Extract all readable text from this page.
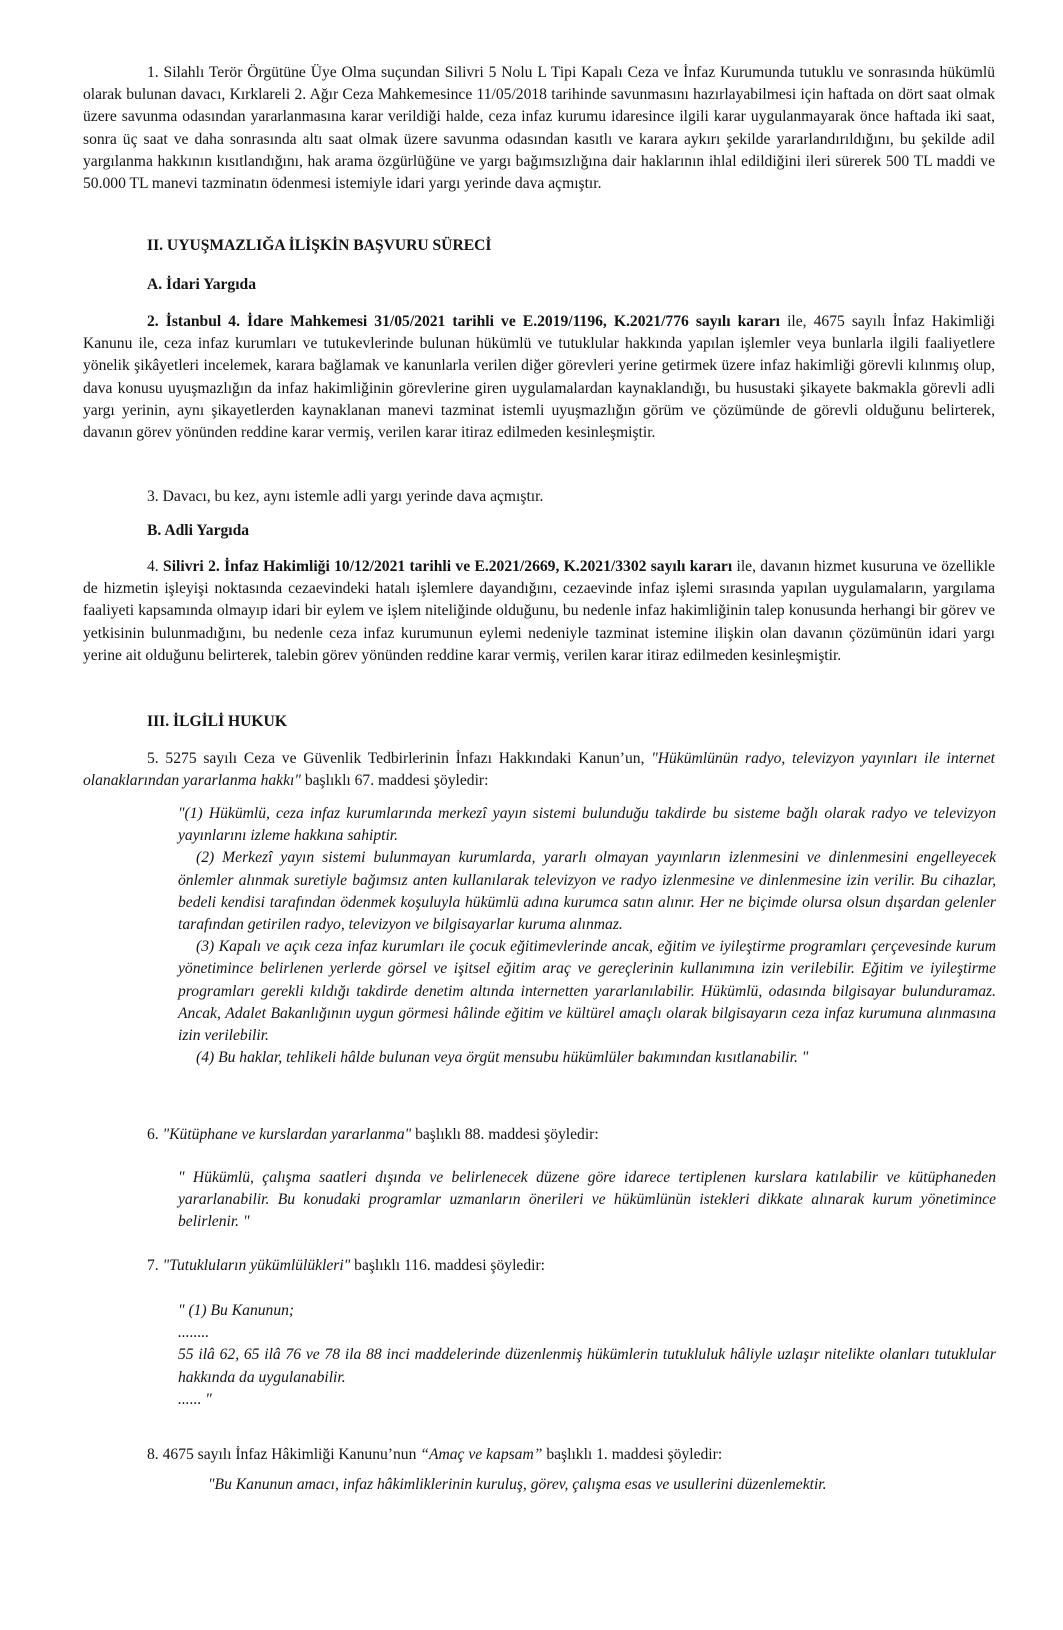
1. Silahlı Terör Örgütüne Üye Olma suçundan Silivri 5 Nolu L Tipi Kapalı Ceza ve İnfaz Kurumunda tutuklu ve sonrasında hükümlü olarak bulunan davacı, Kırklareli 2. Ağır Ceza Mahkemesince 11/05/2018 tarihinde savunmasını hazırlayabilmesi için haftada on dört saat olmak üzere savunma odasından yararlanmasına karar verildiği halde, ceza infaz kurumu idaresince ilgili karar uygulanmayarak önce haftada iki saat, sonra üç saat ve daha sonrasında altı saat olmak üzere savunma odasından kasıtlı ve karara aykırı şekilde yararlandırıldığını, bu şekilde adil yargılanma hakkının kısıtlandığını, hak arama özgürlüğüne ve yargı bağımsızlığına dair haklarının ihlal edildiğini ileri sürerek 500 TL maddi ve 50.000 TL manevi tazminatın ödenmesi istemiyle idari yargı yerinde dava açmıştır.

II. UYUŞMAZLIĞA İLİŞKİN BAŞVURU SÜRECİ
A. İdari Yargıda

2. İstanbul 4. İdare Mahkemesi 31/05/2021 tarihli ve E.2019/1196, K.2021/776 sayılı kararı ile, 4675 sayılı İnfaz Hakimliği Kanunu ile, ceza infaz kurumları ve tutukevlerinde bulunan hükümlü ve tutuklular hakkında yapılan işlemler veya bunlarla ilgili faaliyetlere yönelik şikâyetleri incelemek, karara bağlamak ve kanunlarla verilen diğer görevleri yerine getirmek üzere infaz hakimliği görevli kılınmış olup, dava konusu uyuşmazlığın da infaz hakimliğinin görevlerine giren uygulamalardan kaynaklandığı, bu husustaki şikayete bakmakla görevli adli yargı yerinin, aynı şikayetlerden kaynaklanan manevi tazminat istemli uyuşmazlığın görüm ve çözümünde de görevli olduğunu belirterek, davanın görev yönünden reddine karar vermiş, verilen karar itiraz edilmeden kesinleşmiştir.

3. Davacı, bu kez, aynı istemle adli yargı yerinde dava açmıştır.

B. Adli Yargıda

4. Silivri 2. İnfaz Hakimliği 10/12/2021 tarihli ve E.2021/2669, K.2021/3302 sayılı kararı ile, davanın hizmet kusuruna ve özellikle de hizmetin işleyişi noktasında cezaevindeki hatalı işlemlere dayandığını, cezaevinde infaz işlemi sırasında yapılan uygulamaların, yargılama faaliyeti kapsamında olmayıp idari bir eylem ve işlem niteliğinde olduğunu, bu nedenle infaz hakimliğinin talep konusunda herhangi bir görev ve yetkisinin bulunmadığını, bu nedenle ceza infaz kurumunun eylemi nedeniyle tazminat istemine ilişkin olan davanın çözümünün idari yargı yerine ait olduğunu belirterek, talebin görev yönünden reddine karar vermiş, verilen karar itiraz edilmeden kesinleşmiştir.

III. İLGİLİ HUKUK

5. 5275 sayılı Ceza ve Güvenlik Tedbirlerinin İnfazı Hakkındaki Kanun’un, "Hükümlünün radyo, televizyon yayınları ile internet olanaklarından yararlanma hakkı" başlıklı 67. maddesi şöyledir:

"(1) Hükümlü, ceza infaz kurumlarında merkezî yayın sistemi bulunduğu takdirde bu sisteme bağlı olarak radyo ve televizyon yayınlarını izleme hakkına sahiptir.
(2) Merkezî yayın sistemi bulunmayan kurumlarda, yararlı olmayan yayınların izlenmesini ve dinlenmesini engelleyecek önlemler alınmak suretiyle bağımsız anten kullanılarak televizyon ve radyo izlenmesine ve dinlenmesine izin verilir. Bu cihazlar, bedeli kendisi tarafından ödenmek koşuluyla hükümlü adına kurumca satın alınır. Her ne biçimde olursa olsun dışardan gelenler tarafından getirilen radyo, televizyon ve bilgisayarlar kuruma alınmaz.
(3) Kapalı ve açık ceza infaz kurumları ile çocuk eğitimevlerinde ancak, eğitim ve iyileştirme programları çerçevesinde kurum yönetimince belirlenen yerlerde görsel ve işitsel eğitim araç ve gereçlerinin kullanımına izin verilebilir. Eğitim ve iyileştirme programları gerekli kıldığı takdirde denetim altında internetten yararlanılabilir. Hükümlü, odasında bilgisayar bulunduramaz. Ancak, Adalet Bakanlığının uygun görmesi hâlinde eğitim ve kültürel amaçlı olarak bilgisayarın ceza infaz kurumuna alınmasına izin verilebilir.
(4) Bu haklar, tehlikeli hâlde bulunan veya örgüt mensubu hükümlüler bakımından kısıtlanabilir. "

6. "Kütüphane ve kurslardan yararlanma" başlıklı 88. maddesi şöyledir:

" Hükümlü, çalışma saatleri dışında ve belirlenecek düzene göre idarece tertiplenen kurslara katılabilir ve kütüphaneden yararlanabilir. Bu konudaki programlar uzmanların önerileri ve hükümlünün istekleri dikkate alınarak kurum yönetimince belirlenir. "

7. "Tutukluların yükümlülükleri" başlıklı 116. maddesi şöyledir:

" (1) Bu Kanunun;
........
55 ilâ 62, 65 ilâ 76 ve 78 ila 88 inci maddelerinde düzenlenmiş hükümlerin tutukluluk hâliyle uzlaşır nitelikte olanları tutuklular hakkında da uygulanabilir.
...... "

8. 4675 sayılı İnfaz Hâkimliği Kanunu’nun “Amaç ve kapsam” başlıklı 1. maddesi şöyledir:

"Bu Kanunun amacı, infaz hâkimliklerinin kuruluş, görev, çalışma esas ve usullerini düzenlemektir.
